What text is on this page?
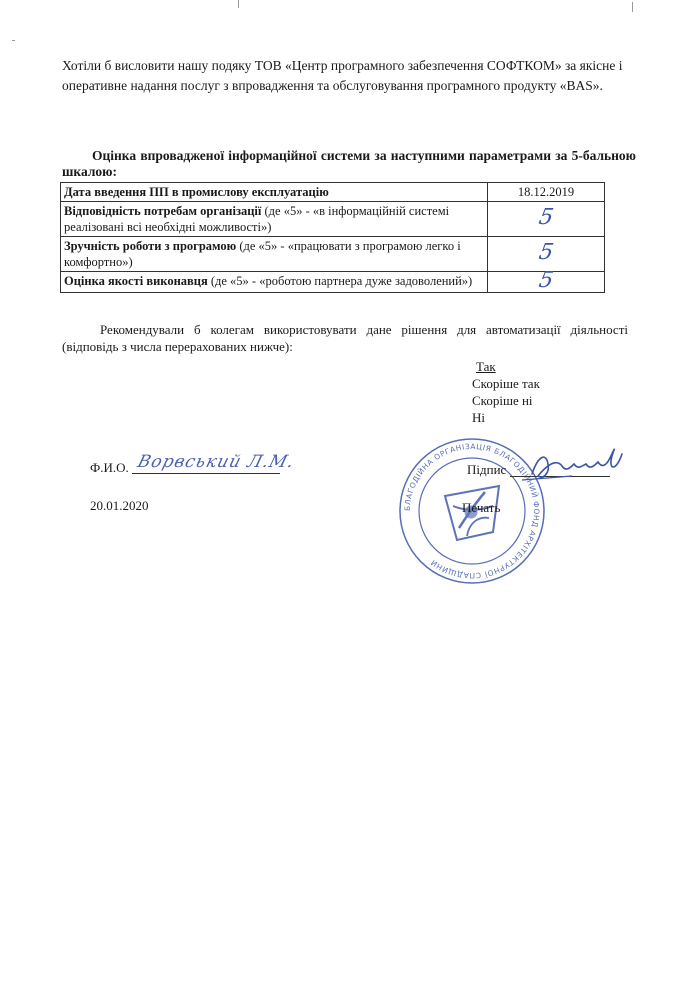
Хотіли б висловити нашу подяку ТОВ «Центр програмного забезпечення СОФТКОМ» за якісне і оперативне надання послуг з впровадження та обслуговування програмного продукту «BAS».
Оцінка впровадженої інформаційної системи за наступними параметрами за 5-бальною шкалою:
Дата введення ПП в промислову експлуатацію	18.12.2019
Відповідність потребам організації (де «5» - «в інформаційній системі реалізовані всі необхідні можливості»)	5
Зручність роботи з програмою (де «5» - «працювати з програмою легко і комфортно»)	5
Оцінка якості виконавця (де «5» - «роботою партнера дуже задоволений»)	5
Рекомендували б колегам використовувати дане рішення для автоматизації діяльності (відповідь з числа перерахованих нижче):
Так
Скоріше так
Скоріше ні
Ні
Ф.И.О. Ворвський Л.М.
20.01.2020	БЛАГОДІЙНА ОРГАНІЗАЦІЯ БЛАГОДІЙНИЙ ФОНД АРХІТЕКТУРНОЇ СПАДЩИНИ
Підпис
Печать
